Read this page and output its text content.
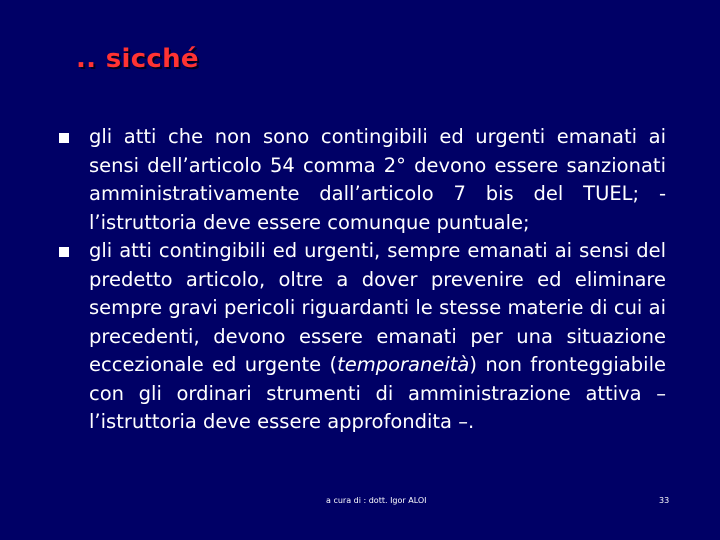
.. sicché
gli atti che non sono contingibili ed urgenti emanati ai sensi dell’articolo 54 comma 2° devono essere sanzionati amministrativamente dall’articolo 7 bis del TUEL; - l’istruttoria deve essere comunque puntuale;
gli atti contingibili ed urgenti, sempre emanati ai sensi del predetto articolo, oltre a dover prevenire ed eliminare sempre gravi pericoli riguardanti le stesse materie di cui ai precedenti, devono essere emanati per una situazione eccezionale ed urgente (temporaneità) non fronteggiabile con gli ordinari strumenti di amministrazione attiva – l’istruttoria deve essere approfondita –.
a cura di : dott. Igor ALOI	33
